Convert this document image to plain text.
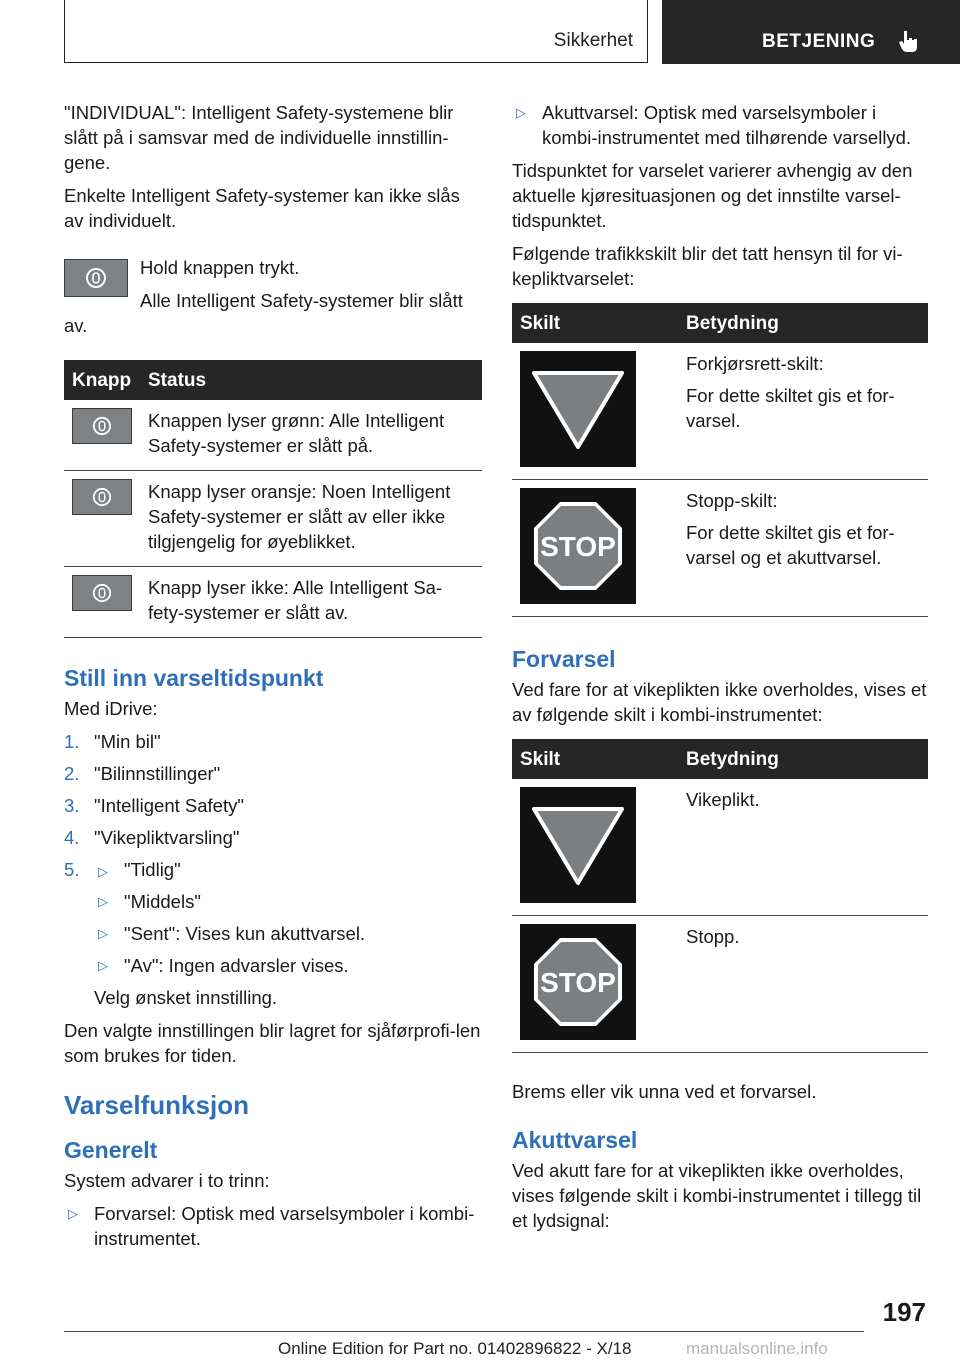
Sikkerhet	BETJENING

"INDIVIDUAL": Intelligent Safety-systemene blir slått på i samsvar med de individuelle innstillin-gene.

Enkelte Intelligent Safety-systemer kan ikke slås av individuelt.

Hold knappen trykt.

Alle Intelligent Safety-systemer blir slått av.

Knapp	Status

	Knappen lyser grønn: Alle Intelligent Safety-systemer er slått på.

	Knapp lyser oransje: Noen Intelligent Safety-systemer er slått av eller ikke tilgjengelig for øyeblikket.

	Knapp lyser ikke: Alle Intelligent Sa-fety-systemer er slått av.
Still inn varseltidspunkt

Med iDrive:

1. "Min bil"
2. "Bilinnstillinger"
3. "Intelligent Safety"
4. "Vikepliktvarsling"
5. ▷ "Tidlig"
▷ "Middels"
▷ "Sent": Vises kun akuttvarsel.
▷ "Av": Ingen advarsler vises.

Velg ønsket innstilling.

Den valgte innstillingen blir lagret for sjåførprofi-len som brukes for tiden.

Varselfunksjon
Generelt

System advarer i to trinn:

▷ Forvarsel: Optisk med varselsymboler i kombi-instrumentet.
▷ Akuttvarsel: Optisk med varselsymboler i kombi-instrumentet med tilhørende varsellyd.

Tidspunktet for varselet varierer avhengig av den aktuelle kjøresituasjonen og det innstilte varsel-tidspunktet.

Følgende trafikkskilt blir det tatt hensyn til for vi-kepliktvarselet:

Skilt	Betydning

Forkjørsrett-skilt:

For dette skiltet gis et for-varsel.

STOP	Stopp-skilt:

For dette skiltet gis et for-varsel og et akuttvarsel.

Forvarsel

Ved fare for at vikeplikten ikke overholdes, vises et av følgende skilt i kombi-instrumentet:

Skilt	Betydning

Vikeplikt.

STOP	Stopp.

Brems eller vik unna ved et forvarsel.

Akuttvarsel

Ved akutt fare for at vikeplikten ikke overholdes, vises følgende skilt i kombi-instrumentet i tillegg til et lydsignal:

197
Online Edition for Part no. 01402896822 - X/18	manualsonline.info
